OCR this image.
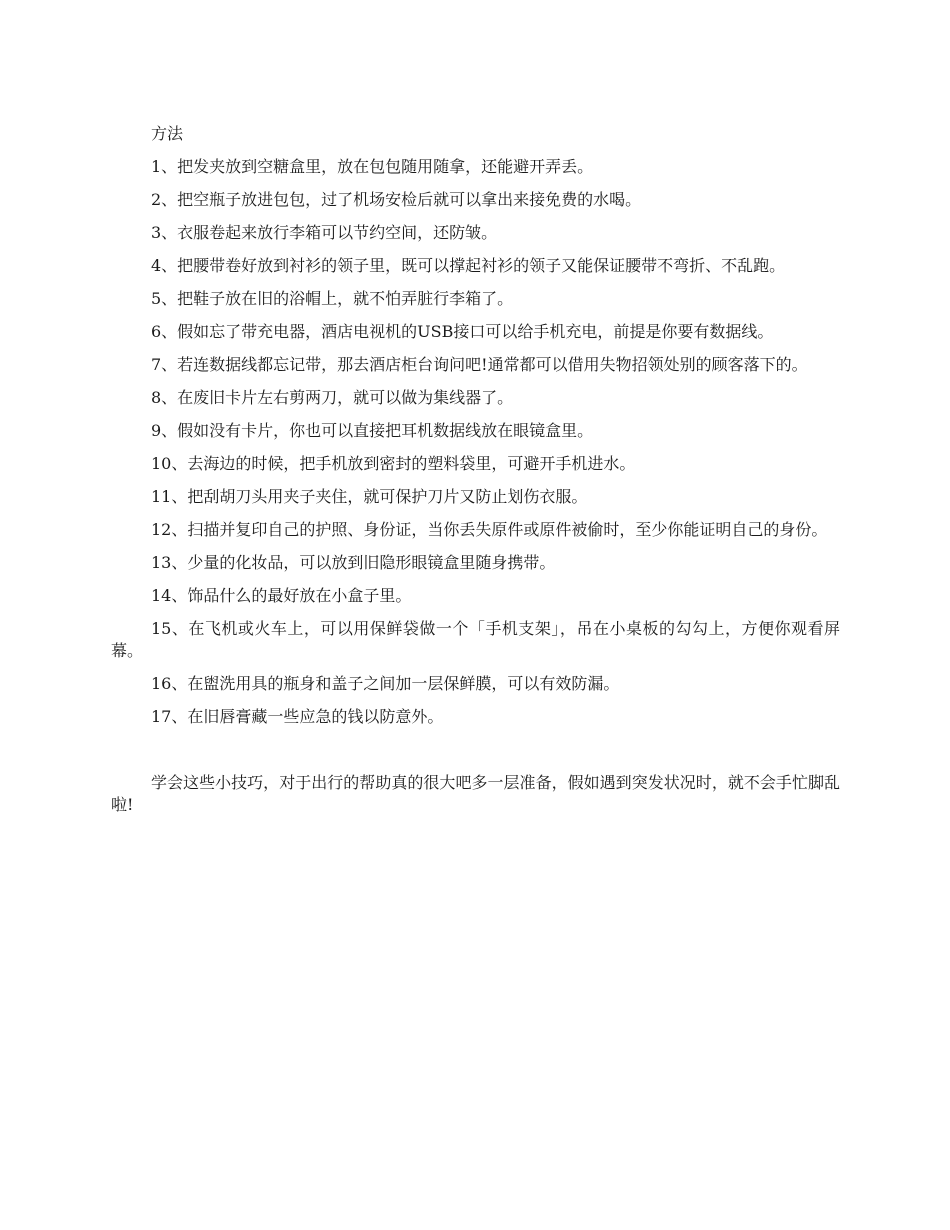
方法

1、把发夹放到空糖盒里，放在包包随用随拿，还能避开弄丢。

2、把空瓶子放进包包，过了机场安检后就可以拿出来接免费的水喝。

3、衣服卷起来放行李箱可以节约空间，还防皱。

4、把腰带卷好放到衬衫的领子里，既可以撑起衬衫的领子又能保证腰带不弯折、不乱跑。

5、把鞋子放在旧的浴帽上，就不怕弄脏行李箱了。

6、假如忘了带充电器，酒店电视机的USB接口可以给手机充电，前提是你要有数据线。

7、若连数据线都忘记带，那去酒店柜台询问吧!通常都可以借用失物招领处别的顾客落下的。

8、在废旧卡片左右剪两刀，就可以做为集线器了。

9、假如没有卡片，你也可以直接把耳机数据线放在眼镜盒里。

10、去海边的时候，把手机放到密封的塑料袋里，可避开手机进水。

11、把刮胡刀头用夹子夹住，就可保护刀片又防止划伤衣服。

12、扫描并复印自己的护照、身份证，当你丢失原件或原件被偷时，至少你能证明自己的身份。

13、少量的化妆品，可以放到旧隐形眼镜盒里随身携带。

14、饰品什么的最好放在小盒子里。

15、在飞机或火车上，可以用保鲜袋做一个「手机支架」，吊在小桌板的勾勾上，方便你观看屏幕。

16、在盥洗用具的瓶身和盖子之间加一层保鲜膜，可以有效防漏。

17、在旧唇膏藏一些应急的钱以防意外。

学会这些小技巧，对于出行的帮助真的很大吧多一层准备，假如遇到突发状况时，就不会手忙脚乱啦!
